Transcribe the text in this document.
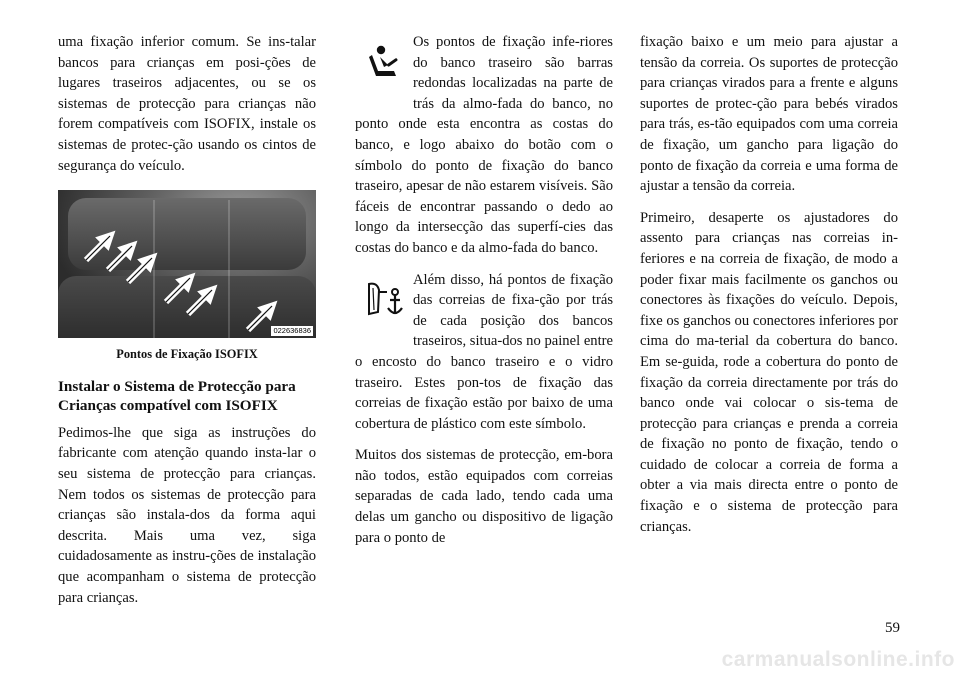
uma fixação inferior comum. Se ins-talar bancos para crianças em posi-ções de lugares traseiros adjacentes, ou se os sistemas de protecção para crianças não forem compatíveis com ISOFIX, instale os sistemas de protec-ção usando os cintos de segurança do veículo.

022636836
Pontos de Fixação ISOFIX
Instalar o Sistema de Protecção para Crianças compatível com ISOFIX

Pedimos-lhe que siga as instruções do fabricante com atenção quando insta-lar o seu sistema de protecção para crianças. Nem todos os sistemas de protecção para crianças são instala-dos da forma aqui descrita. Mais uma vez, siga cuidadosamente as instru-ções de instalação que acompanham o sistema de protecção para crianças.

Os pontos de fixação infe-riores do banco traseiro são barras redondas localizadas na parte de trás da almo-fada do banco, no ponto onde esta encontra as costas do banco, e logo abaixo do botão com o símbolo do ponto de fixação do banco traseiro, apesar de não estarem visíveis. São fáceis de encontrar passando o dedo ao longo da intersecção das superfí-cies das costas do banco e da almo-fada do banco.

Além disso, há pontos de fixação das correias de fixa-ção por trás de cada posição dos bancos traseiros, situa-dos no painel entre o encosto do banco traseiro e o vidro traseiro. Estes pon-tos de fixação das correias de fixação estão por baixo de uma cobertura de plástico com este símbolo.

Muitos dos sistemas de protecção, em-bora não todos, estão equipados com correias separadas de cada lado, tendo cada uma delas um gancho ou dispositivo de ligação para o ponto de

fixação baixo e um meio para ajustar a tensão da correia. Os suportes de protecção para crianças virados para a frente e alguns suportes de protec-ção para bebés virados para trás, es-tão equipados com uma correia de fixação, um gancho para ligação do ponto de fixação da correia e uma forma de ajustar a tensão da correia.

Primeiro, desaperte os ajustadores do assento para crianças nas correias in-feriores e na correia de fixação, de modo a poder fixar mais facilmente os ganchos ou conectores às fixações do veículo. Depois, fixe os ganchos ou conectores inferiores por cima do ma-terial da cobertura do banco. Em se-guida, rode a cobertura do ponto de fixação da correia directamente por trás do banco onde vai colocar o sis-tema de protecção para crianças e prenda a correia de fixação no ponto de fixação, tendo o cuidado de colocar a correia de forma a obter a via mais directa entre o ponto de fixação e o sistema de protecção para crianças.

59
carmanualsonline.info
